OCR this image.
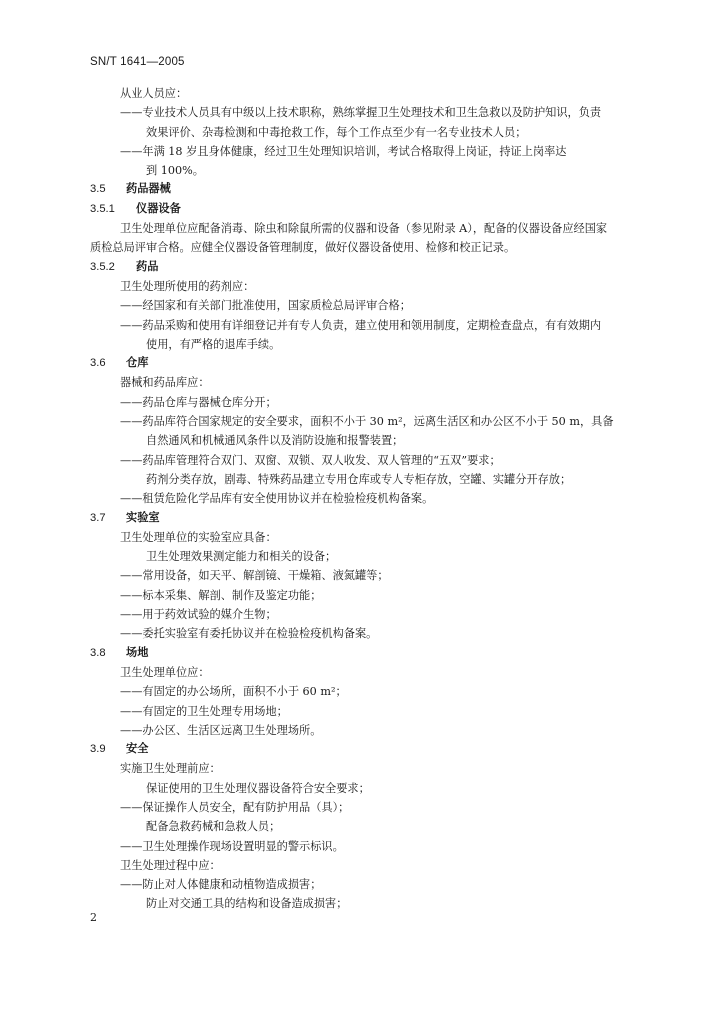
SN/T 1641—2005
从业人员应：
——专业技术人员具有中级以上技术职称，熟练掌握卫生处理技术和卫生急救以及防护知识，负责
效果评价、杂毒检测和中毒抢救工作，每个工作点至少有一名专业技术人员；
——年满 18 岁且身体健康，经过卫生处理知识培训，考试合格取得上岗证，持证上岗率达
到 100%。
3.5 药品器械
3.5.1 仪器设备
卫生处理单位应配备消毒、除虫和除鼠所需的仪器和设备（参见附录 A），配备的仪器设备应经国家
质检总局评审合格。应健全仪器设备管理制度，做好仪器设备使用、检修和校正记录。
3.5.2 药品
卫生处理所使用的药剂应：
——经国家和有关部门批准使用，国家质检总局评审合格；
——药品采购和使用有详细登记并有专人负责，建立使用和领用制度，定期检查盘点，有有效期内
使用，有严格的退库手续。
3.6 仓库
器械和药品库应：
——药品仓库与器械仓库分开；
——药品库符合国家规定的安全要求，面积不小于 30 m²，远离生活区和办公区不小于 50 m，具备
自然通风和机械通风条件以及消防设施和报警装置；
——药品库管理符合双门、双窗、双锁、双人收发、双人管理的“五双”要求；
药剂分类存放，剧毒、特殊药品建立专用仓库或专人专柜存放，空罐、实罐分开存放；
——租赁危险化学品库有安全使用协议并在检验检疫机构备案。
3.7 实验室
卫生处理单位的实验室应具备：
卫生处理效果测定能力和相关的设备；
——常用设备，如天平、解剖镜、干燥箱、液氮罐等；
——标本采集、解剖、制作及鉴定功能；
——用于药效试验的媒介生物；
——委托实验室有委托协议并在检验检疫机构备案。
3.8 场地
卫生处理单位应：
——有固定的办公场所，面积不小于 60 m²；
——有固定的卫生处理专用场地；
——办公区、生活区远离卫生处理场所。
3.9 安全
实施卫生处理前应：
保证使用的卫生处理仪器设备符合安全要求；
——保证操作人员安全，配有防护用品（具）；
配备急救药械和急救人员；
——卫生处理操作现场设置明显的警示标识。
卫生处理过程中应：
——防止对人体健康和动植物造成损害；
防止对交通工具的结构和设备造成损害；
2
